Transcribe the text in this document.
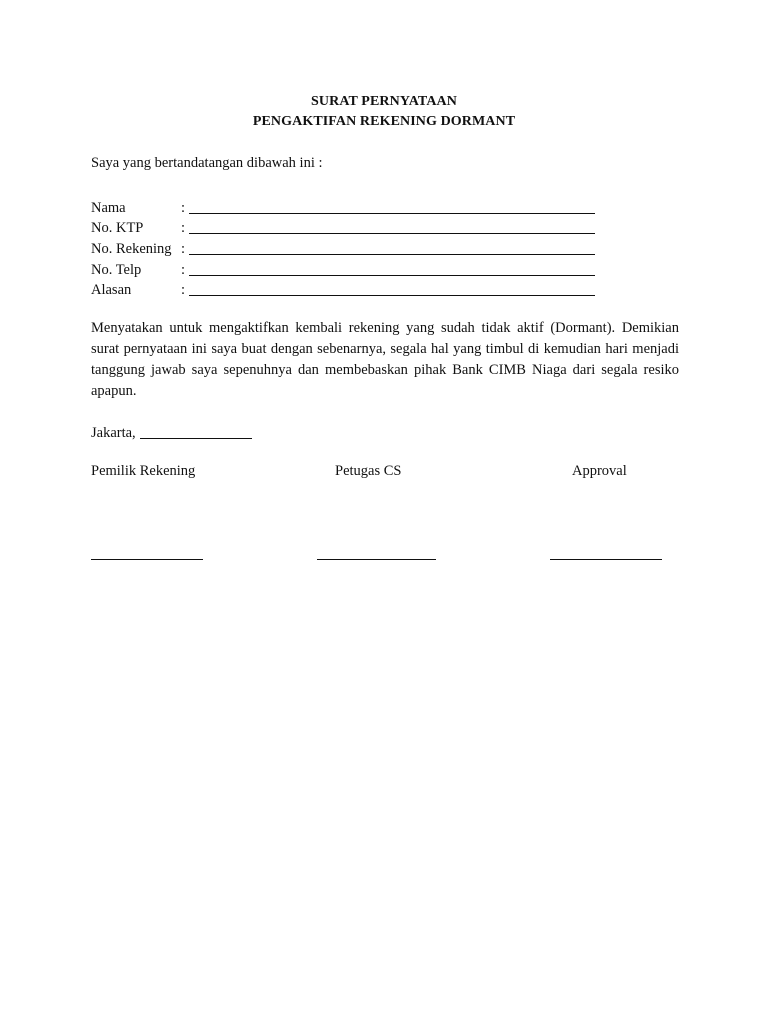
SURAT PERNYATAAN
PENGAKTIFAN REKENING DORMANT
Saya yang bertandatangan dibawah ini :
Nama	:
No. KTP	:
No. Rekening :
No. Telp	:
Alasan	:
Menyatakan untuk mengaktifkan kembali rekening yang sudah tidak aktif (Dormant). Demikian surat pernyataan ini saya buat dengan sebenarnya, segala hal yang timbul di kemudian hari menjadi tanggung jawab saya sepenuhnya dan membebaskan pihak Bank CIMB Niaga dari segala resiko apapun.
Jakarta,
Pemilik Rekening	Petugas CS	Approval
